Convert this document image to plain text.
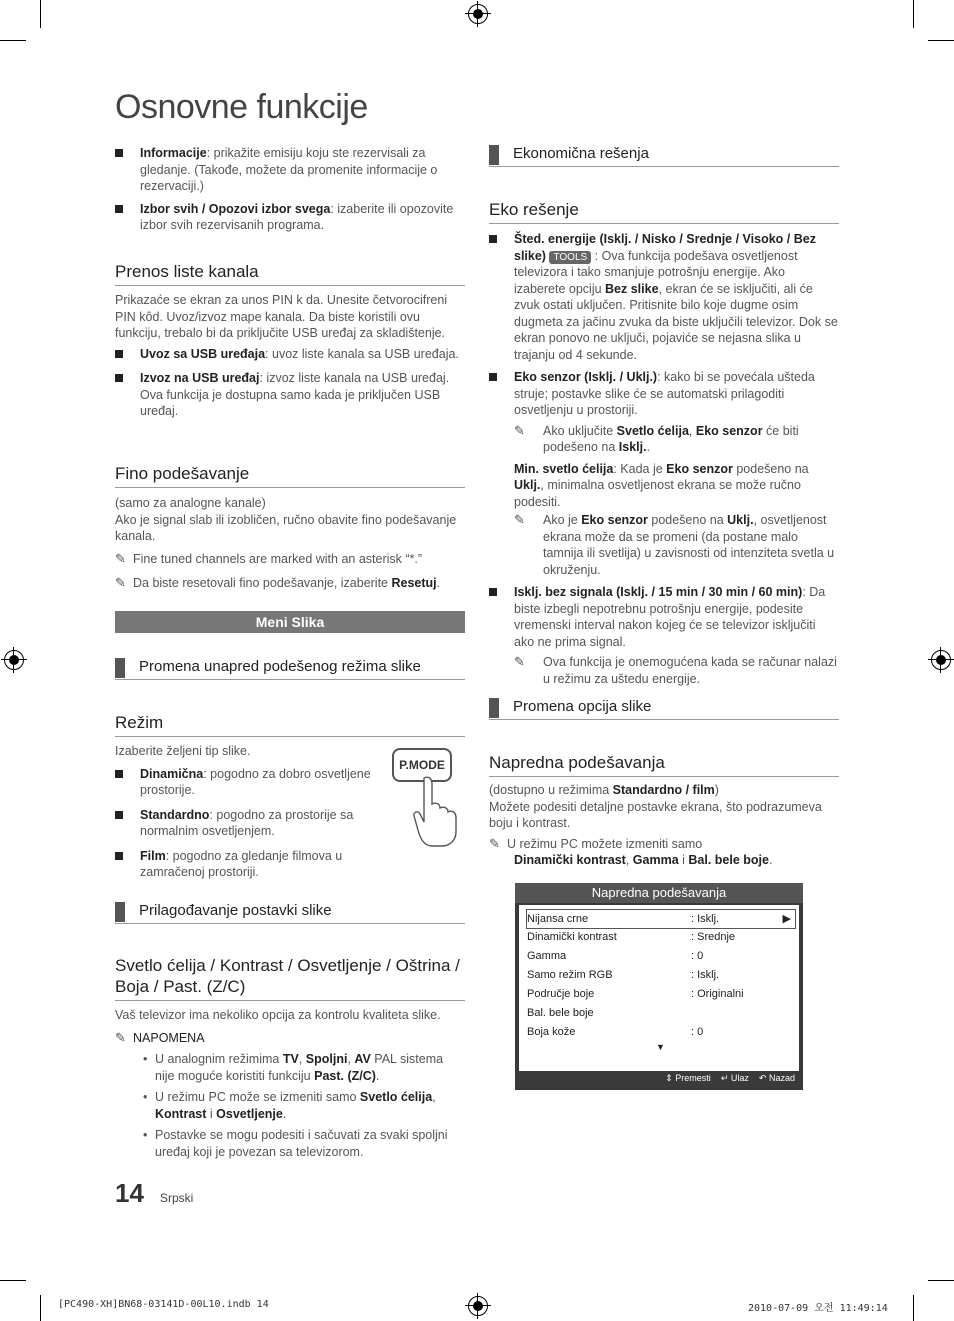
Osnovne funkcije

Informacije: prikažite emisiju koju ste rezervisali za gledanje. (Takođe, možete da promenite informacije o rezervaciji.)

Izbor svih / Opozovi izbor svega: izaberite ili opozovite izbor svih rezervisanih programa.

Prenos liste kanala
Prikazaće se ekran za unos PIN k da. Unesite četvorocifreni PIN kôd. Uvoz/izvoz mape kanala. Da biste koristili ovu funkciju, trebalo bi da priključite USB uređaj za skladištenje.

Uvoz sa USB uređaja: uvoz liste kanala sa USB uređaja.

Izvoz na USB uređaj: izvoz liste kanala na USB uređaj. Ova funkcija je dostupna samo kada je priključen USB uređaj.

Fino podešavanje
(samo za analogne kanale)
Ako je signal slab ili izobličen, ručno obavite fino podešavanje kanala.
✎ Fine tuned channels are marked with an asterisk “*.”
✎ Da biste resetovali fino podešavanje, izaberite Resetuj.
Meni Slika
Promena unapred podešenog režima slike
Režim
Izaberite željeni tip slike.

Dinamična: pogodno za dobro osvetljene prostorije.

Standardno: pogodno za prostorije sa normalnim osvetljenjem.

Film: pogodno za gledanje filmova u zamračenoj prostoriji.

P.MODE
Prilagođavanje postavki slike
Svetlo ćelija / Kontrast / Osvetljenje / Oštrina / Boja / Past. (Z/C)
Vaš televizor ima nekoliko opcija za kontrolu kvaliteta slike.
✎ NAPOMENA
• U analognim režimima TV, Spoljni, AV PAL sistema nije moguće koristiti funkciju Past. (Z/C).
• U režimu PC može se izmeniti samo Svetlo ćelija, Kontrast i Osvetljenje.
• Postavke se mogu podesiti i sačuvati za svaki spoljni uređaj koji je povezan sa televizorom.
Ekonomična rešenja
Eko rešenje

Šted. energije (Isklj. / Nisko / Srednje / Visoko / Bez slike) TOOLS : Ova funkcija podešava osvetljenost televizora i tako smanjuje potrošnju energije. Ako izaberete opciju Bez slike, ekran će se isključiti, ali će zvuk ostati uključen. Pritisnite bilo koje dugme osim dugmeta za jačinu zvuka da biste uključili televizor. Dok se ekran ponovo ne uključi, pojaviće se nejasna slika u trajanju od 4 sekunde.

Eko senzor (Isklj. / Uklj.): kako bi se povećala ušteda struje; postavke slike će se automatski prilagoditi osvetljenju u prostoriji.

✎	Ako uključite Svetlo ćelija, Eko senzor će biti podešeno na Isklj..
Min. svetlo ćelija: Kada je Eko senzor podešeno na Uklj., minimalna osvetljenost ekrana se može ručno podesiti.
✎	Ako je Eko senzor podešeno na Uklj., osvetljenost ekrana može da se promeni (da postane malo tamnija ili svetlija) u zavisnosti od intenziteta svetla u okruženju.

Isklj. bez signala (Isklj. / 15 min / 30 min / 60 min): Da biste izbegli nepotrebnu potrošnju energije, podesite vremenski interval nakon kojeg će se televizor isključiti ako ne prima signal.

✎	Ova funkcija je onemogućena kada se računar nalazi u režimu za uštedu energije.
Promena opcija slike
Napredna podešavanja
(dostupno u režimima Standardno / film)
Možete podesiti detaljne postavke ekrana, što podrazumeva boju i kontrast.
✎ U režimu PC možete izmeniti samo
Dinamički kontrast, Gamma i Bal. bele boje.
Napredna podešavanja
Nijansa crne	: Isklj.	▶
Dinamički kontrast	: Srednje
Gamma	: 0
Samo režim RGB	: Isklj.
Područje boje	: Originalni
Bal. bele boje
Boja kože	: 0
▼
⇕ Premesti ↵ Ulaz ↶ Nazad
14 Srpski
[PC490-XH]BN68-03141D-00L10.indb 14	2010-07-09 오전 11:49:14
